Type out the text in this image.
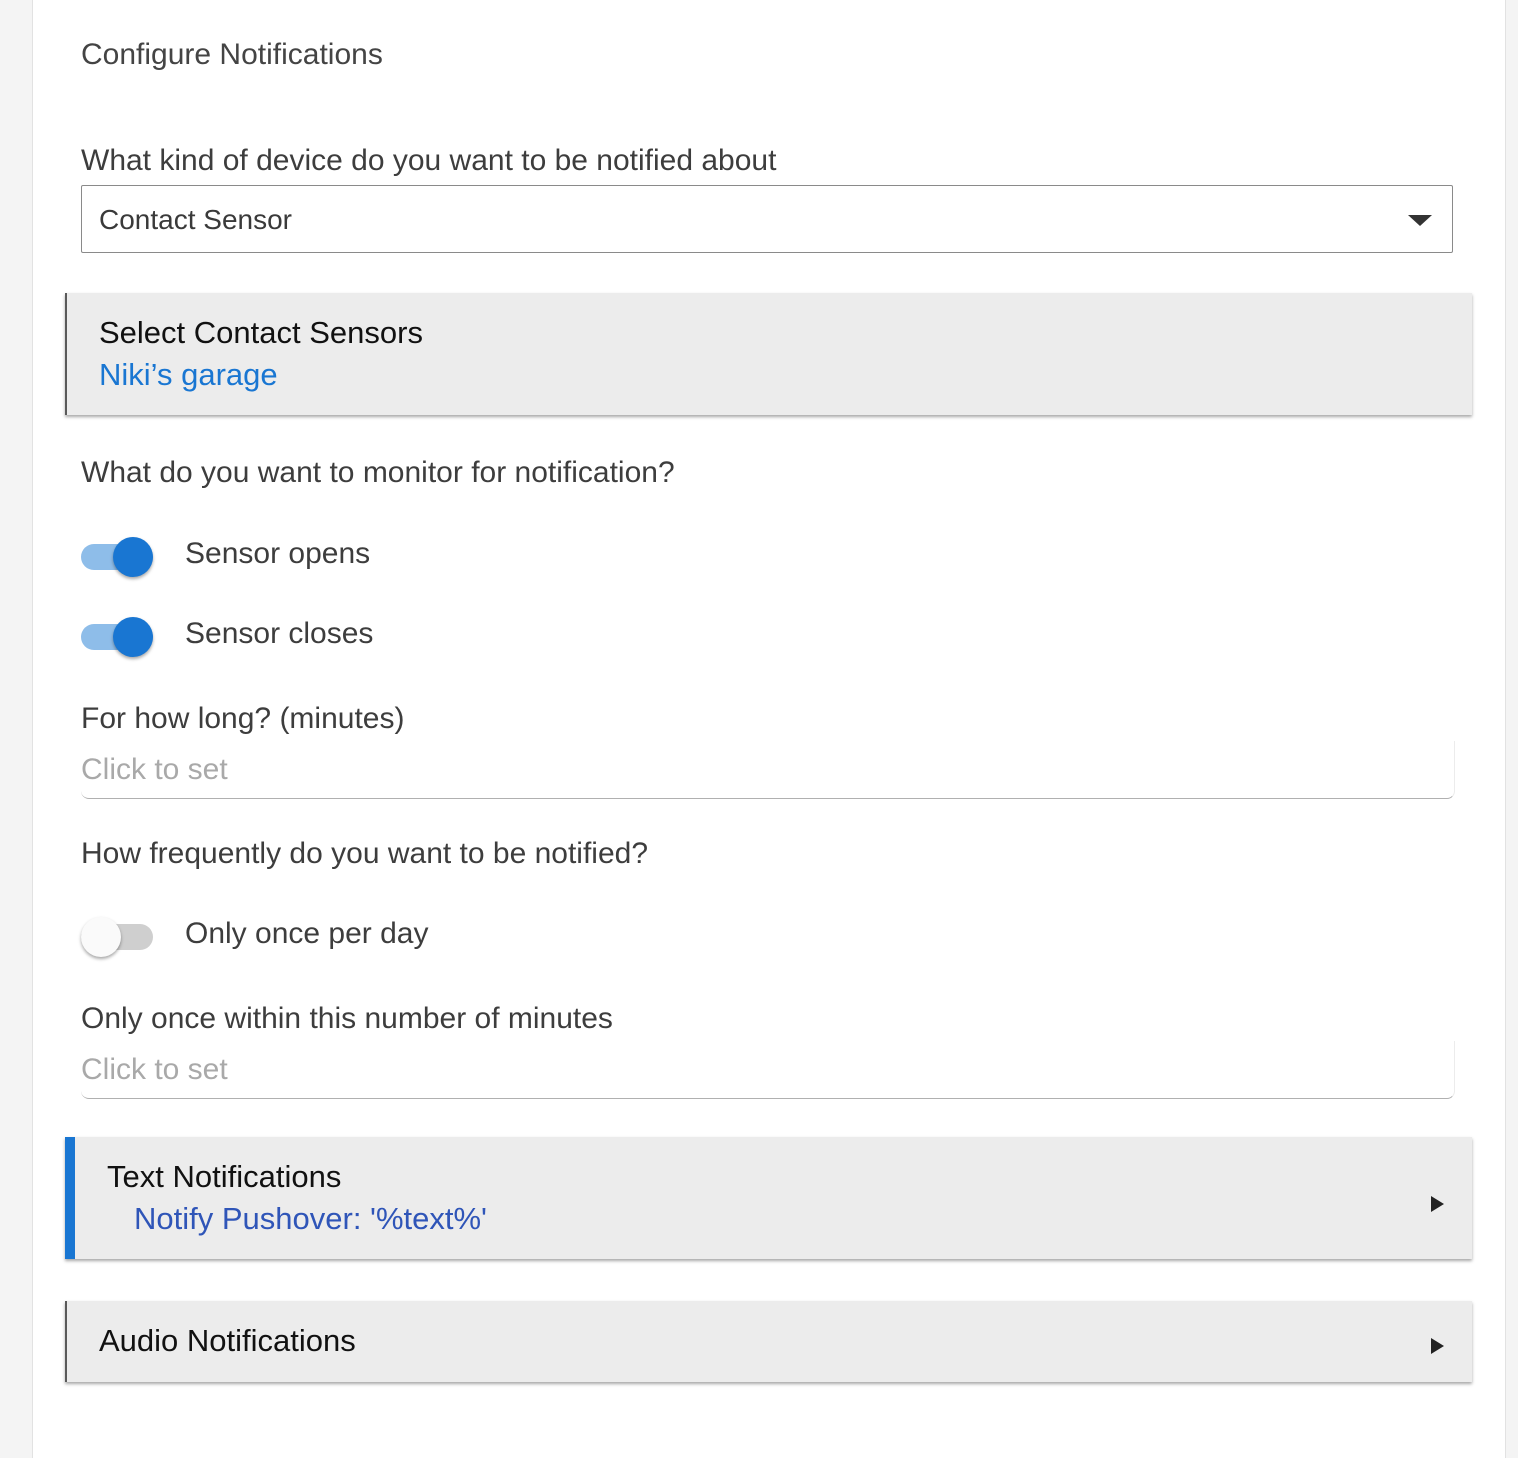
Configure Notifications
What kind of device do you want to be notified about
Contact Sensor
Select Contact Sensors
Niki’s garage
What do you want to monitor for notification?
Sensor opens
Sensor closes
For how long? (minutes)
Click to set
How frequently do you want to be notified?
Only once per day
Only once within this number of minutes
Click to set
Text Notifications
Notify Pushover: '%text%'
Audio Notifications
